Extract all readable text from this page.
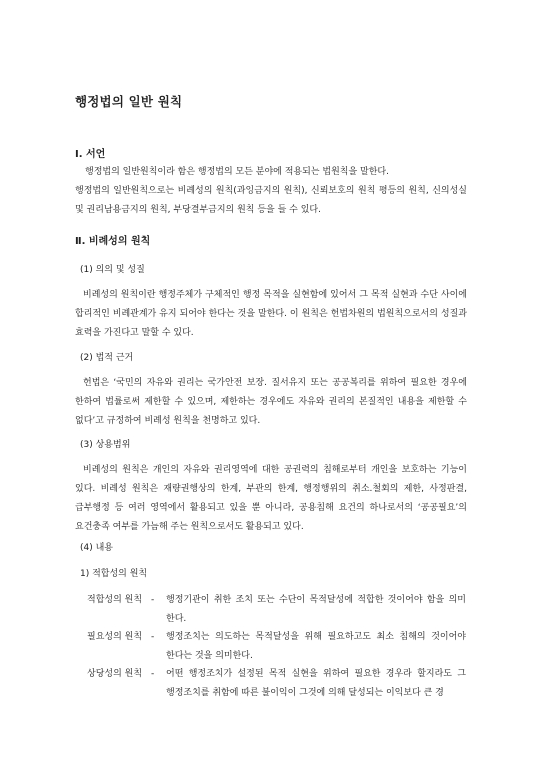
행정법의 일반 원칙
Ⅰ. 서언

행정법의 일반원칙이라 함은 행정법의 모든 분야에 적용되는 법원칙을 말한다.

행정법의 일반원칙으로는 비례성의 원칙(과잉금지의 원칙), 신뢰보호의 원칙 평등의 원칙, 신의성실 및 권리남용금지의 원칙, 부당결부금지의 원칙 등을 들 수 있다.

Ⅱ. 비례성의 원칙
(1) 의의 및 성질

비례성의 원칙이란 행정주체가 구체적인 행정 목적을 실현함에 있어서 그 목적 실현과 수단 사이에 합리적인 비례관계가 유지 되어야 한다는 것을 말한다. 이 원칙은 헌법차원의 법원칙으로서의 성질과 효력을 가진다고 말할 수 있다.

(2) 법적 근거

헌법은 ‘국민의 자유와 권리는 국가안전 보장. 질서유지 또는 공공복리를 위하여 필요한 경우에 한하여 법률로써 제한할 수 있으며, 제한하는 경우에도 자유와 권리의 본질적인 내용을 제한할 수 없다’고 규정하여 비례성 원칙을 천명하고 있다.

(3) 상용범위

비례성의 원칙은 개인의 자유와 권리영역에 대한 공권력의 침해로부터 개인을 보호하는 기능이 있다. 비례성 원칙은 재량권행상의 한계, 부관의 한계, 행정행위의 취소.철회의 제한, 사정판결, 급부행정 등 여러 영역에서 활용되고 있을 뿐 아니라, 공용침해 요건의 하나로서의 ‘공공필요’의 요건충족 여부를 가늠해 주는 원칙으로서도 활용되고 있다.

(4) 내용
1) 적합성의 원칙
적합성의 원칙 - 행정기관이 취한 조치 또는 수단이 목적달성에 적합한 것이어야 함을 의미 한다.
필요성의 원칙 - 행정조치는 의도하는 목적달성을 위해 필요하고도 최소 침해의 것이어야 한다는 것을 의미한다.
상당성의 원칙 - 어떤 행정조치가 설정된 목적 실현을 위하여 필요한 경우라 할지라도 그 행정조치를 취함에 따른 불이익이 그것에 의해 달성되는 이익보다 큰 경
